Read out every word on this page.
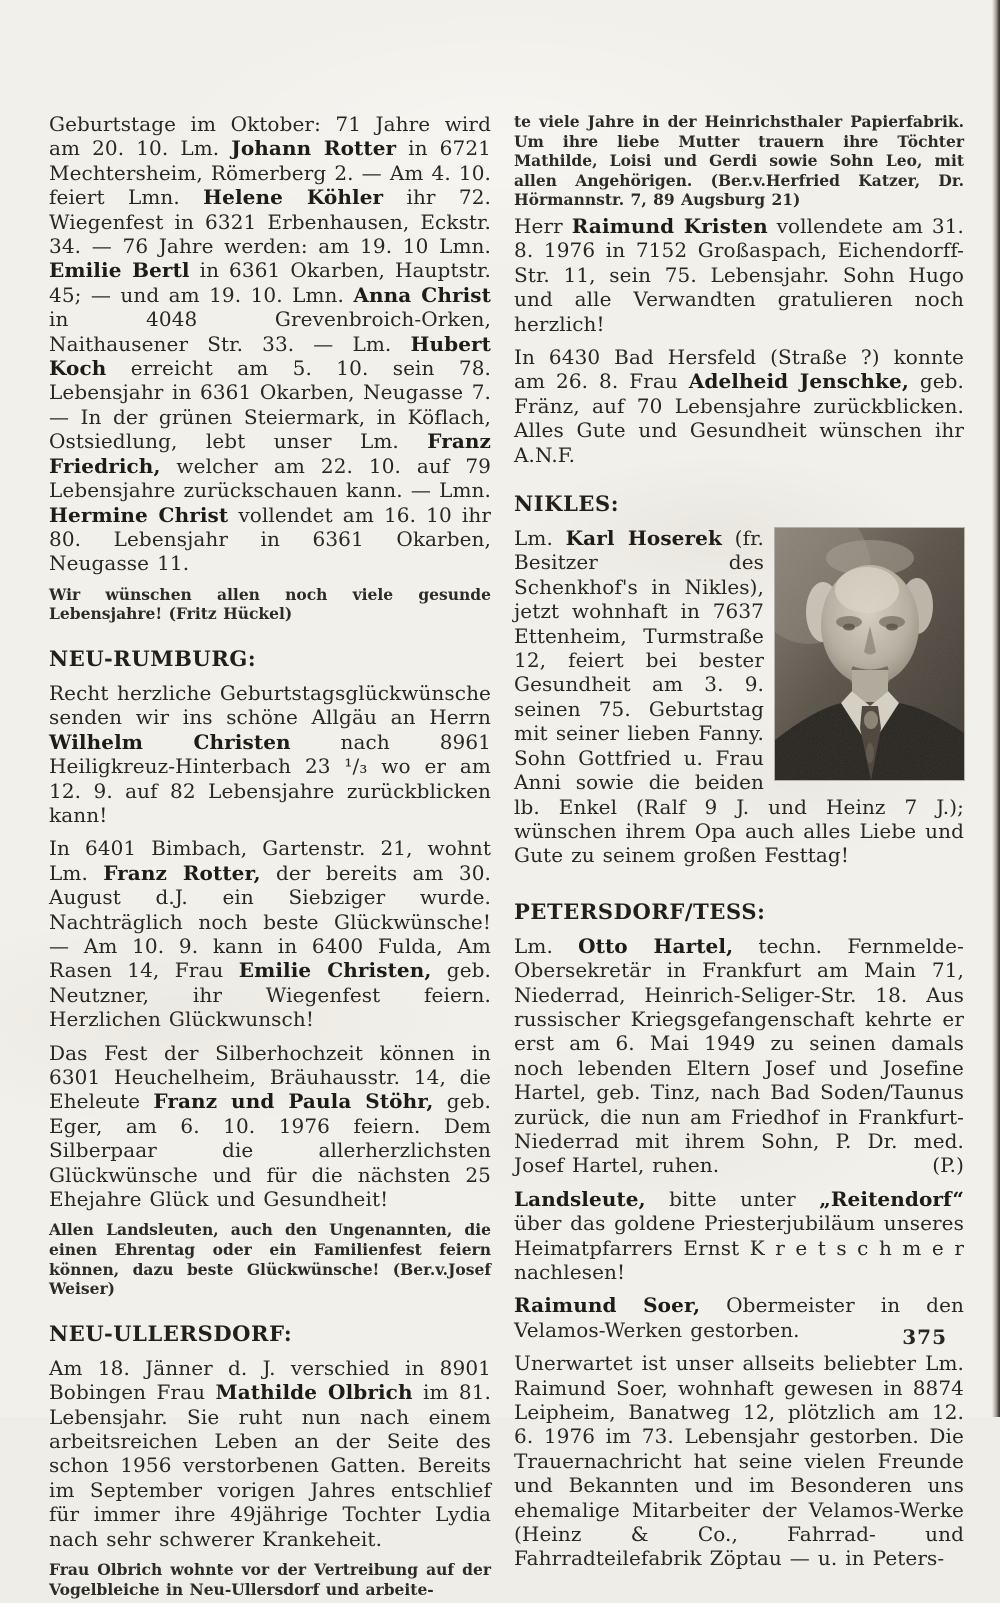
Geburtstage im Oktober: 71 Jahre wird am 20. 10. Lm. Johann Rotter in 6721 Mechtersheim, Römerberg 2. — Am 4. 10. feiert Lmn. Helene Köhler ihr 72. Wiegenfest in 6321 Erbenhausen, Eckstr. 34. — 76 Jahre werden: am 19. 10 Lmn. Emilie Bertl in 6361 Okarben, Hauptstr. 45; — und am 19. 10. Lmn. Anna Christ in 4048 Grevenbroich-Orken, Naithausener Str. 33. — Lm. Hubert Koch erreicht am 5. 10. sein 78. Lebensjahr in 6361 Okarben, Neugasse 7. — In der grünen Steiermark, in Köflach, Ostsiedlung, lebt unser Lm. Franz Friedrich, welcher am 22. 10. auf 79 Lebensjahre zurückschauen kann. — Lmn. Hermine Christ vollendet am 16. 10 ihr 80. Lebensjahr in 6361 Okarben, Neugasse 11.

Wir wünschen allen noch viele gesunde Lebensjahre! (Fritz Hückel)

NEU-RUMBURG:

Recht herzliche Geburtstagsglückwünsche senden wir ins schöne Allgäu an Herrn Wilhelm Christen nach 8961 Heiligkreuz-Hinterbach 23 ¹/₃ wo er am 12. 9. auf 82 Lebensjahre zurückblicken kann!

In 6401 Bimbach, Gartenstr. 21, wohnt Lm. Franz Rotter, der bereits am 30. August d.J. ein Siebziger wurde. Nachträglich noch beste Glückwünsche! — Am 10. 9. kann in 6400 Fulda, Am Rasen 14, Frau Emilie Christen, geb. Neutzner, ihr Wiegenfest feiern. Herzlichen Glückwunsch!

Das Fest der Silberhochzeit können in 6301 Heuchelheim, Bräuhausstr. 14, die Eheleute Franz und Paula Stöhr, geb. Eger, am 6. 10. 1976 feiern. Dem Silberpaar die allerherzlichsten Glückwünsche und für die nächsten 25 Ehejahre Glück und Gesundheit!

Allen Landsleuten, auch den Ungenannten, die einen Ehrentag oder ein Familienfest feiern können, dazu beste Glückwünsche! (Ber.v.Josef Weiser)

NEU-ULLERSDORF:

Am 18. Jänner d. J. verschied in 8901 Bobingen Frau Mathilde Olbrich im 81. Lebensjahr. Sie ruht nun nach einem arbeitsreichen Leben an der Seite des schon 1956 verstorbenen Gatten. Bereits im September vorigen Jahres entschlief für immer ihre 49jährige Tochter Lydia nach sehr schwerer Krankeheit.

Frau Olbrich wohnte vor der Vertreibung auf der Vogelbleiche in Neu-Ullersdorf und arbeite-

te viele Jahre in der Heinrichsthaler Papierfabrik. Um ihre liebe Mutter trauern ihre Töchter Mathilde, Loisi und Gerdi sowie Sohn Leo, mit allen Angehörigen. (Ber.v.Herfried Katzer, Dr. Hörmannstr. 7, 89 Augsburg 21)

Herr Raimund Kristen vollendete am 31. 8. 1976 in 7152 Großaspach, Eichendorff-Str. 11, sein 75. Lebensjahr. Sohn Hugo und alle Verwandten gratulieren noch herzlich!

In 6430 Bad Hersfeld (Straße ?) konnte am 26. 8. Frau Adelheid Jenschke, geb. Fränz, auf 70 Lebensjahre zurückblicken. Alles Gute und Gesundheit wünschen ihr A.N.F.

NIKLES:

Lm. Karl Hoserek (fr. Besitzer des Schenkhof's in Nikles), jetzt wohnhaft in 7637 Ettenheim, Turmstraße 12, feiert bei bester Gesundheit am 3. 9. seinen 75. Geburtstag mit seiner lieben Fanny. Sohn Gottfried u. Frau Anni sowie die beiden lb. Enkel (Ralf 9 J. und Heinz 7 J.); wünschen ihrem Opa auch alles Liebe und Gute zu seinem großen Festtag!

PETERSDORF/TESS:

Lm. Otto Hartel, techn. Fernmelde-Obersekretär in Frankfurt am Main 71, Niederrad, Heinrich-Seliger-Str. 18. Aus russischer Kriegsgefangenschaft kehrte er erst am 6. Mai 1949 zu seinen damals noch lebenden Eltern Josef und Josefine Hartel, geb. Tinz, nach Bad Soden/Taunus zurück, die nun am Friedhof in Frankfurt-Niederrad mit ihrem Sohn, P. Dr. med. Josef Hartel, ruhen.	(P.)

Landsleute, bitte unter „Reitendorf“ über das goldene Priesterjubiläum unseres Heimatpfarrers Ernst K r e t s c h m e r nachlesen!

Raimund Soer, Obermeister in den Velamos-Werken gestorben.

Unerwartet ist unser allseits beliebter Lm. Raimund Soer, wohnhaft gewesen in 8874 Leipheim, Banatweg 12, plötzlich am 12. 6. 1976 im 73. Lebensjahr gestorben. Die Trauernachricht hat seine vielen Freunde und Bekannten und im Besonderen uns ehemalige Mitarbeiter der Velamos-Werke (Heinz & Co., Fahrrad- und Fahrradteilefabrik Zöptau — u. in Peters-

375
